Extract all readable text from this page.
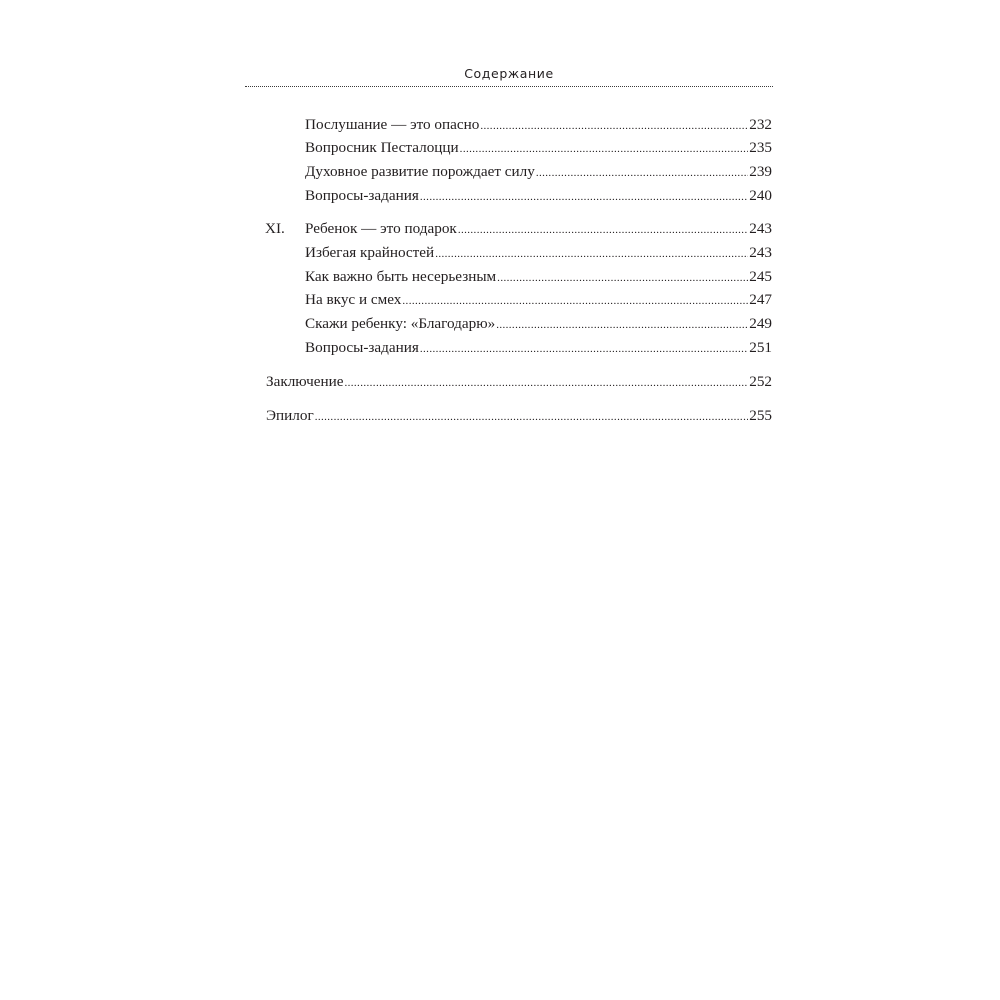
Содержание
Послушание — это опасно .....	232
Вопросник Песталоцци .....	235
Духовное развитие порождает силу .....	239
Вопросы-задания .....	240
XI.	Ребенок — это подарок .....	243
Избегая крайностей .....	243
Как важно быть несерьезным .....	245
На вкус и смех .....	247
Скажи ребенку: «Благодарю» .....	249
Вопросы-задания .....	251
Заключение .....	252
Эпилог .....	255
